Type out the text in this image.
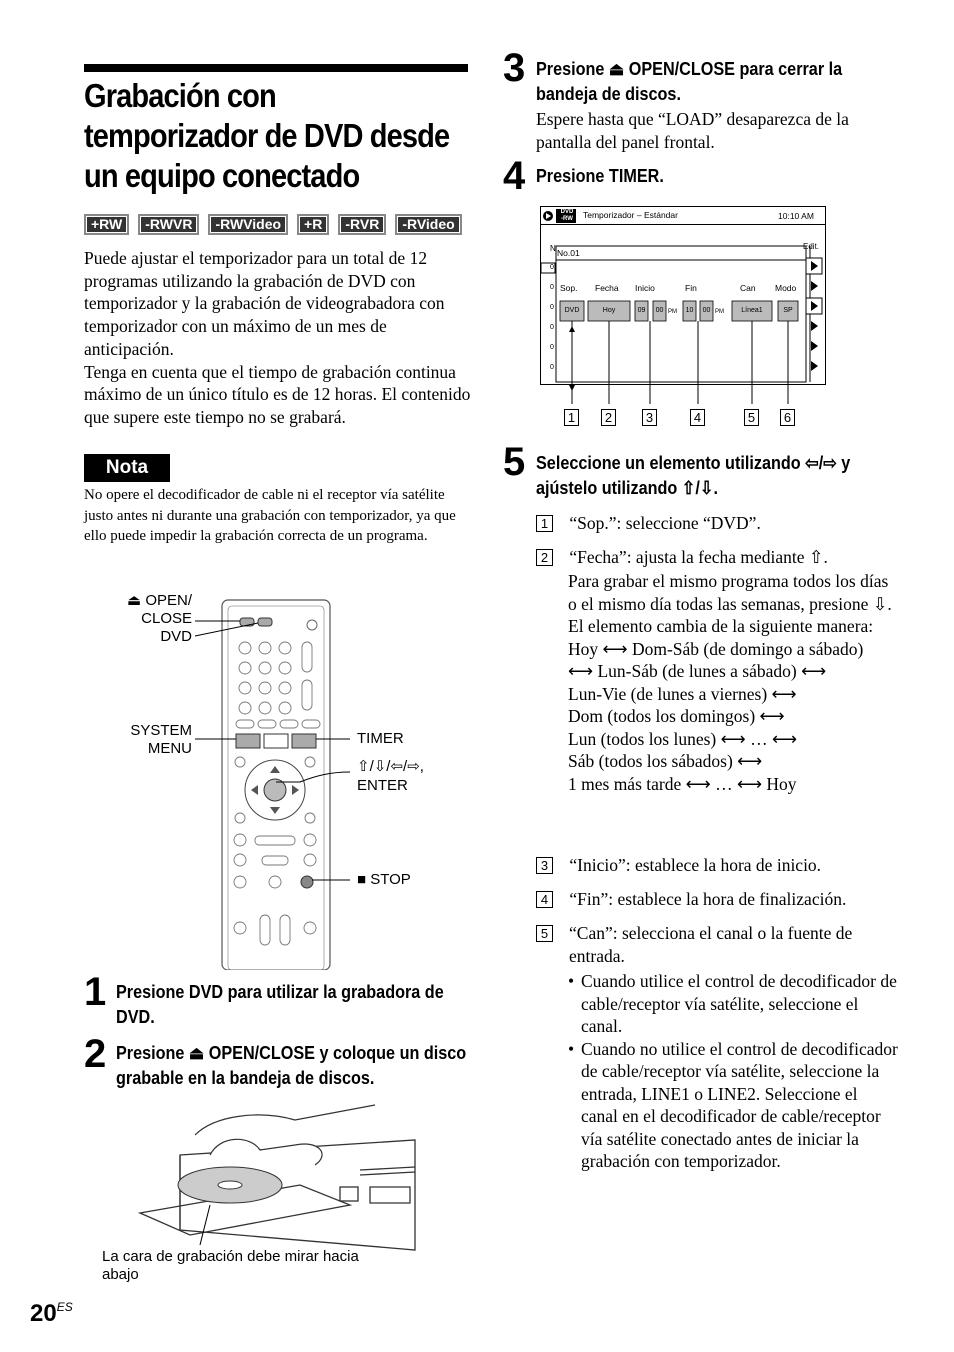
Grabación con
temporizador de DVD desde
un equipo conectado
+RW	-RWVR	-RWVideo	+R	-RVR	-RVideo
Puede ajustar el temporizador para un total de 12 programas utilizando la grabación de DVD con temporizador y la grabación de videograbadora con temporizador con un máximo de un mes de anticipación.
Tenga en cuenta que el tiempo de grabación continua máximo de un único título es de 12 horas. El contenido que supere este tiempo no se grabará.
Nota
No opere el decodificador de cable ni el receptor vía satélite justo antes ni durante una grabación con temporizador, ya que ello puede impedir la grabación correcta de un programa.
⏏ OPEN/ CLOSE
DVD
SYSTEM MENU
TIMER
⇧/⇩/⇦/⇨,
ENTER
■ STOP
1 Presione DVD para utilizar la grabadora de DVD.
2 Presione ⏏ OPEN/CLOSE y coloque un disco grabable en la bandeja de discos.
La cara de grabación debe mirar hacia abajo
$20^{ES}$
3 Presione ⏏ OPEN/CLOSE para cerrar la bandeja de discos.
Espere hasta que “LOAD” desaparezca de la pantalla del panel frontal.
4 Presione TIMER.
N
0
0
0
0
0
0
DVD
-RW	Temporizador – Estándar	10:10 AM
No.01
Edit.
Sop. Fecha Inicio	Fin	Can Modo
DVD	Hoy	09	00 PM	10	00 PM	Línea1	SP
1 2	3	4	5 6
5 Seleccione un elemento utilizando ⇦/⇨ y ajústelo utilizando ⇧/⇩.
1 “Sop.”: seleccione “DVD”.
2 “Fecha”: ajusta la fecha mediante ⇧.
Para grabar el mismo programa todos los días o el mismo día todas las semanas, presione ⇩.
El elemento cambia de la siguiente manera:
Hoy ⟷ Dom-Sáb (de domingo a sábado)
⟷ Lun-Sáb (de lunes a sábado) ⟷
Lun-Vie (de lunes a viernes) ⟷
Dom (todos los domingos) ⟷
Lun (todos los lunes) ⟷ … ⟷
Sáb (todos los sábados) ⟷
1 mes más tarde ⟷ … ⟷ Hoy
3 “Inicio”: establece la hora de inicio.
4 “Fin”: establece la hora de finalización.
5 “Can”: selecciona el canal o la fuente de entrada.
• Cuando utilice el control de decodificador de cable/receptor vía satélite, seleccione el canal.
• Cuando no utilice el control de decodificador de cable/receptor vía satélite, seleccione la entrada, LINE1 o LINE2. Seleccione el canal en el decodificador de cable/receptor vía satélite conectado antes de iniciar la grabación con temporizador.
